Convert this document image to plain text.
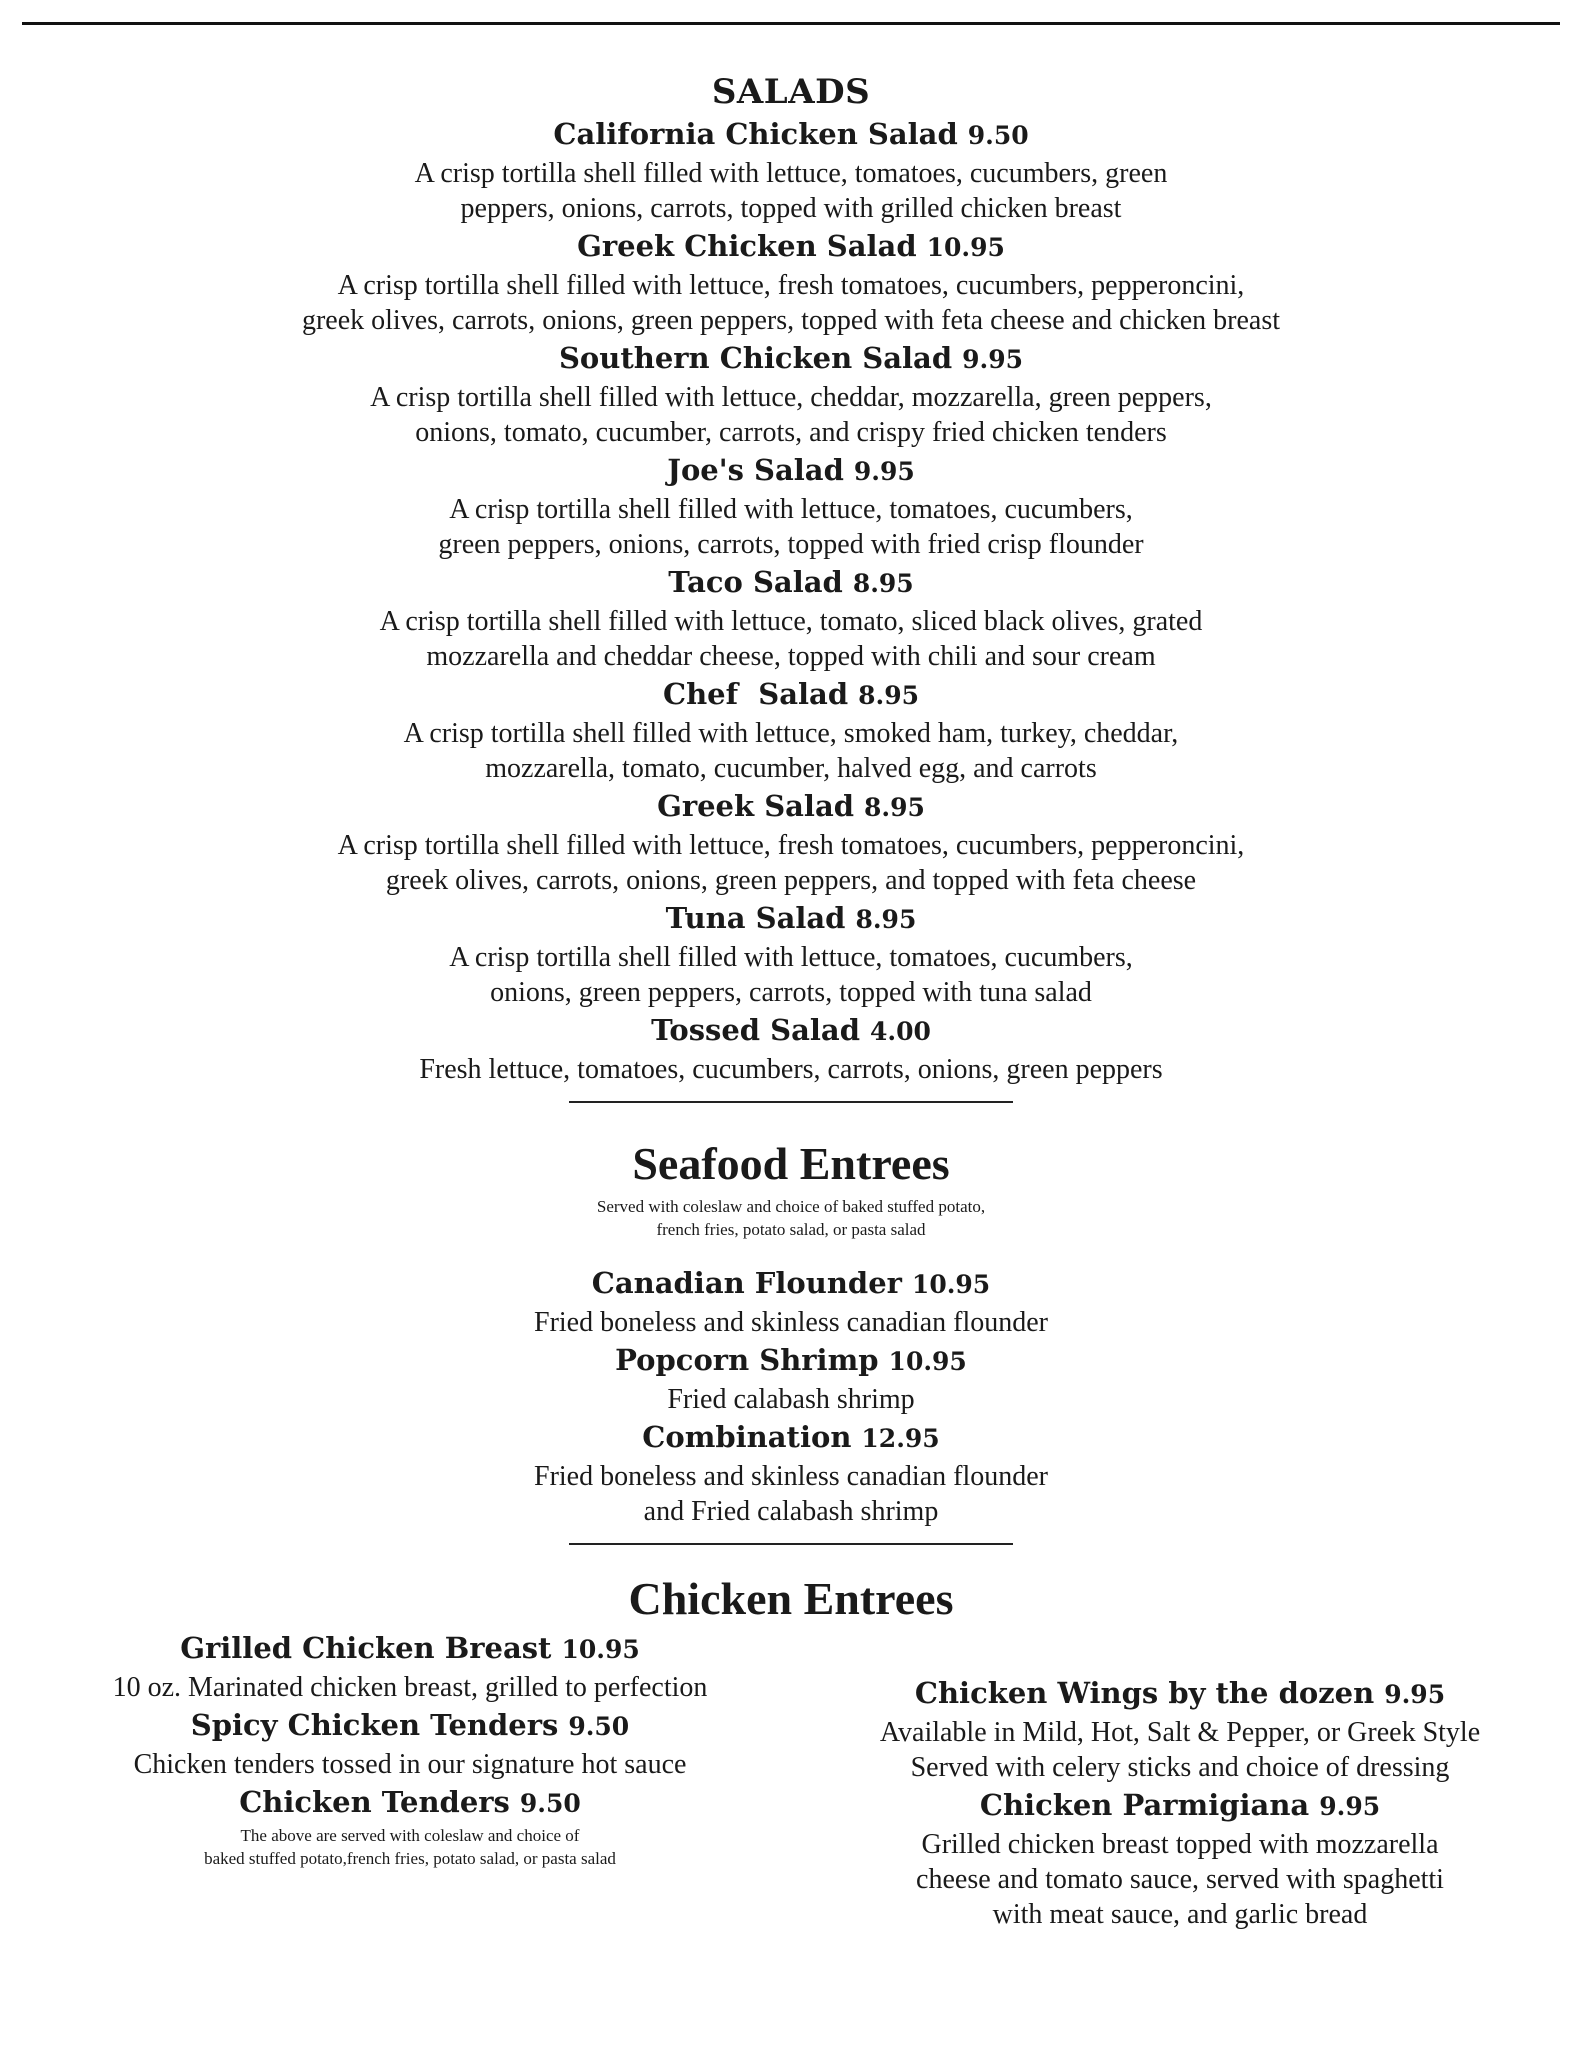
SALADS

California Chicken Salad 9.50

A crisp tortilla shell filled with lettuce, tomatoes, cucumbers, green
peppers, onions, carrots, topped with grilled chicken breast

Greek Chicken Salad 10.95

A crisp tortilla shell filled with lettuce, fresh tomatoes, cucumbers, pepperoncini,
greek olives, carrots, onions, green peppers, topped with feta cheese and chicken breast

Southern Chicken Salad 9.95

A crisp tortilla shell filled with lettuce, cheddar, mozzarella, green peppers,
onions, tomato, cucumber, carrots, and crispy fried chicken tenders

Joe's Salad 9.95

A crisp tortilla shell filled with lettuce, tomatoes, cucumbers,
green peppers, onions, carrots, topped with fried crisp flounder

Taco Salad 8.95

A crisp tortilla shell filled with lettuce, tomato, sliced black olives, grated
mozzarella and cheddar cheese, topped with chili and sour cream

Chef  Salad 8.95

A crisp tortilla shell filled with lettuce, smoked ham, turkey, cheddar,
mozzarella, tomato, cucumber, halved egg, and carrots

Greek Salad 8.95

A crisp tortilla shell filled with lettuce, fresh tomatoes, cucumbers, pepperoncini,
greek olives, carrots, onions, green peppers, and topped with feta cheese

Tuna Salad 8.95

A crisp tortilla shell filled with lettuce, tomatoes, cucumbers,
onions, green peppers, carrots, topped with tuna salad

Tossed Salad 4.00

Fresh lettuce, tomatoes, cucumbers, carrots, onions, green peppers

Seafood Entrees

Served with coleslaw and choice of baked stuffed potato,
french fries, potato salad, or pasta salad

Canadian Flounder 10.95

Fried boneless and skinless canadian flounder

Popcorn Shrimp 10.95

Fried calabash shrimp

Combination 12.95

Fried boneless and skinless canadian flounder
and Fried calabash shrimp

Chicken Entrees

Grilled Chicken Breast 10.95

10 oz. Marinated chicken breast, grilled to perfection

Spicy Chicken Tenders 9.50

Chicken tenders tossed in our signature hot sauce

Chicken Tenders 9.50

The above are served with coleslaw and choice of
baked stuffed potato,french fries, potato salad, or pasta salad

Chicken Wings by the dozen 9.95

Available in Mild, Hot, Salt & Pepper, or Greek Style
Served with celery sticks and choice of dressing

Chicken Parmigiana 9.95

Grilled chicken breast topped with mozzarella
cheese and tomato sauce, served with spaghetti
with meat sauce, and garlic bread
